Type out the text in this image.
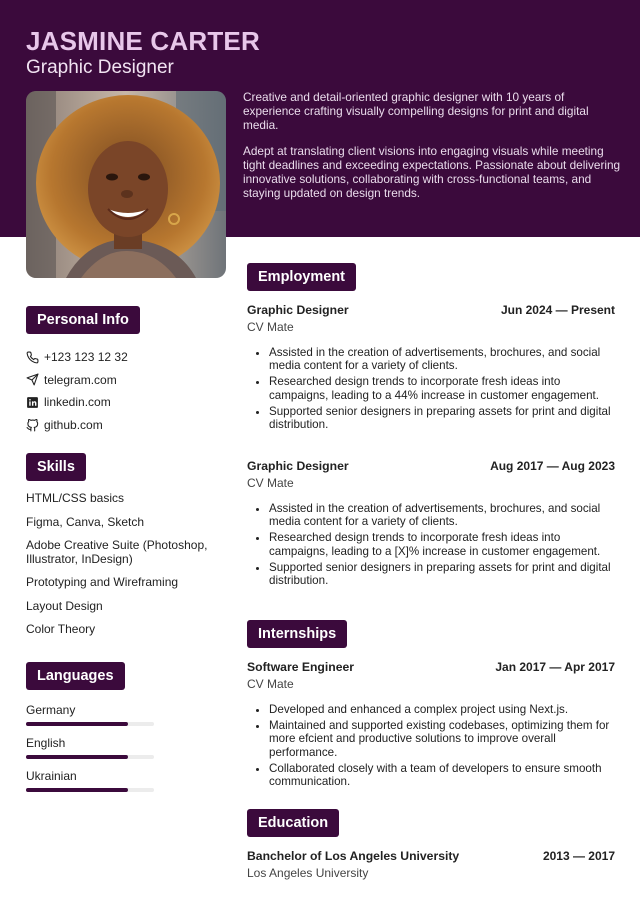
JASMINE CARTER
Graphic Designer

Creative and detail-oriented graphic designer with 10 years of experience crafting visually compelling designs for print and digital media.

Adept at translating client visions into engaging visuals while meeting tight deadlines and exceeding expectations. Passionate about delivering innovative solutions, collaborating with cross-functional teams, and staying updated on design trends.

Personal Info
+123 123 12 32
telegram.com
linkedin.com
github.com
Skills
HTML/CSS basics
Figma, Canva, Sketch
Adobe Creative Suite (Photoshop, Illustrator, InDesign)
Prototyping and Wireframing
Layout Design
Color Theory
Languages
Germany
English
Ukrainian
Employment
Graphic Designer	Jun 2024 — Present
CV Mate
• Assisted in the creation of advertisements, brochures, and social media content for a variety of clients.
• Researched design trends to incorporate fresh ideas into campaigns, leading to a 44% increase in customer engagement.
• Supported senior designers in preparing assets for print and digital distribution.
Graphic Designer	Aug 2017 — Aug 2023
CV Mate
• Assisted in the creation of advertisements, brochures, and social media content for a variety of clients.
• Researched design trends to incorporate fresh ideas into campaigns, leading to a [X]% increase in customer engagement.
• Supported senior designers in preparing assets for print and digital distribution.
Internships
Software Engineer	Jan 2017 — Apr 2017
CV Mate
• Developed and enhanced a complex project using Next.js.
• Maintained and supported existing codebases, optimizing them for more efcient and productive solutions to improve overall performance.
• Collaborated closely with a team of developers to ensure smooth communication.
Education
Banchelor of Los Angeles University	2013 — 2017
Los Angeles University
